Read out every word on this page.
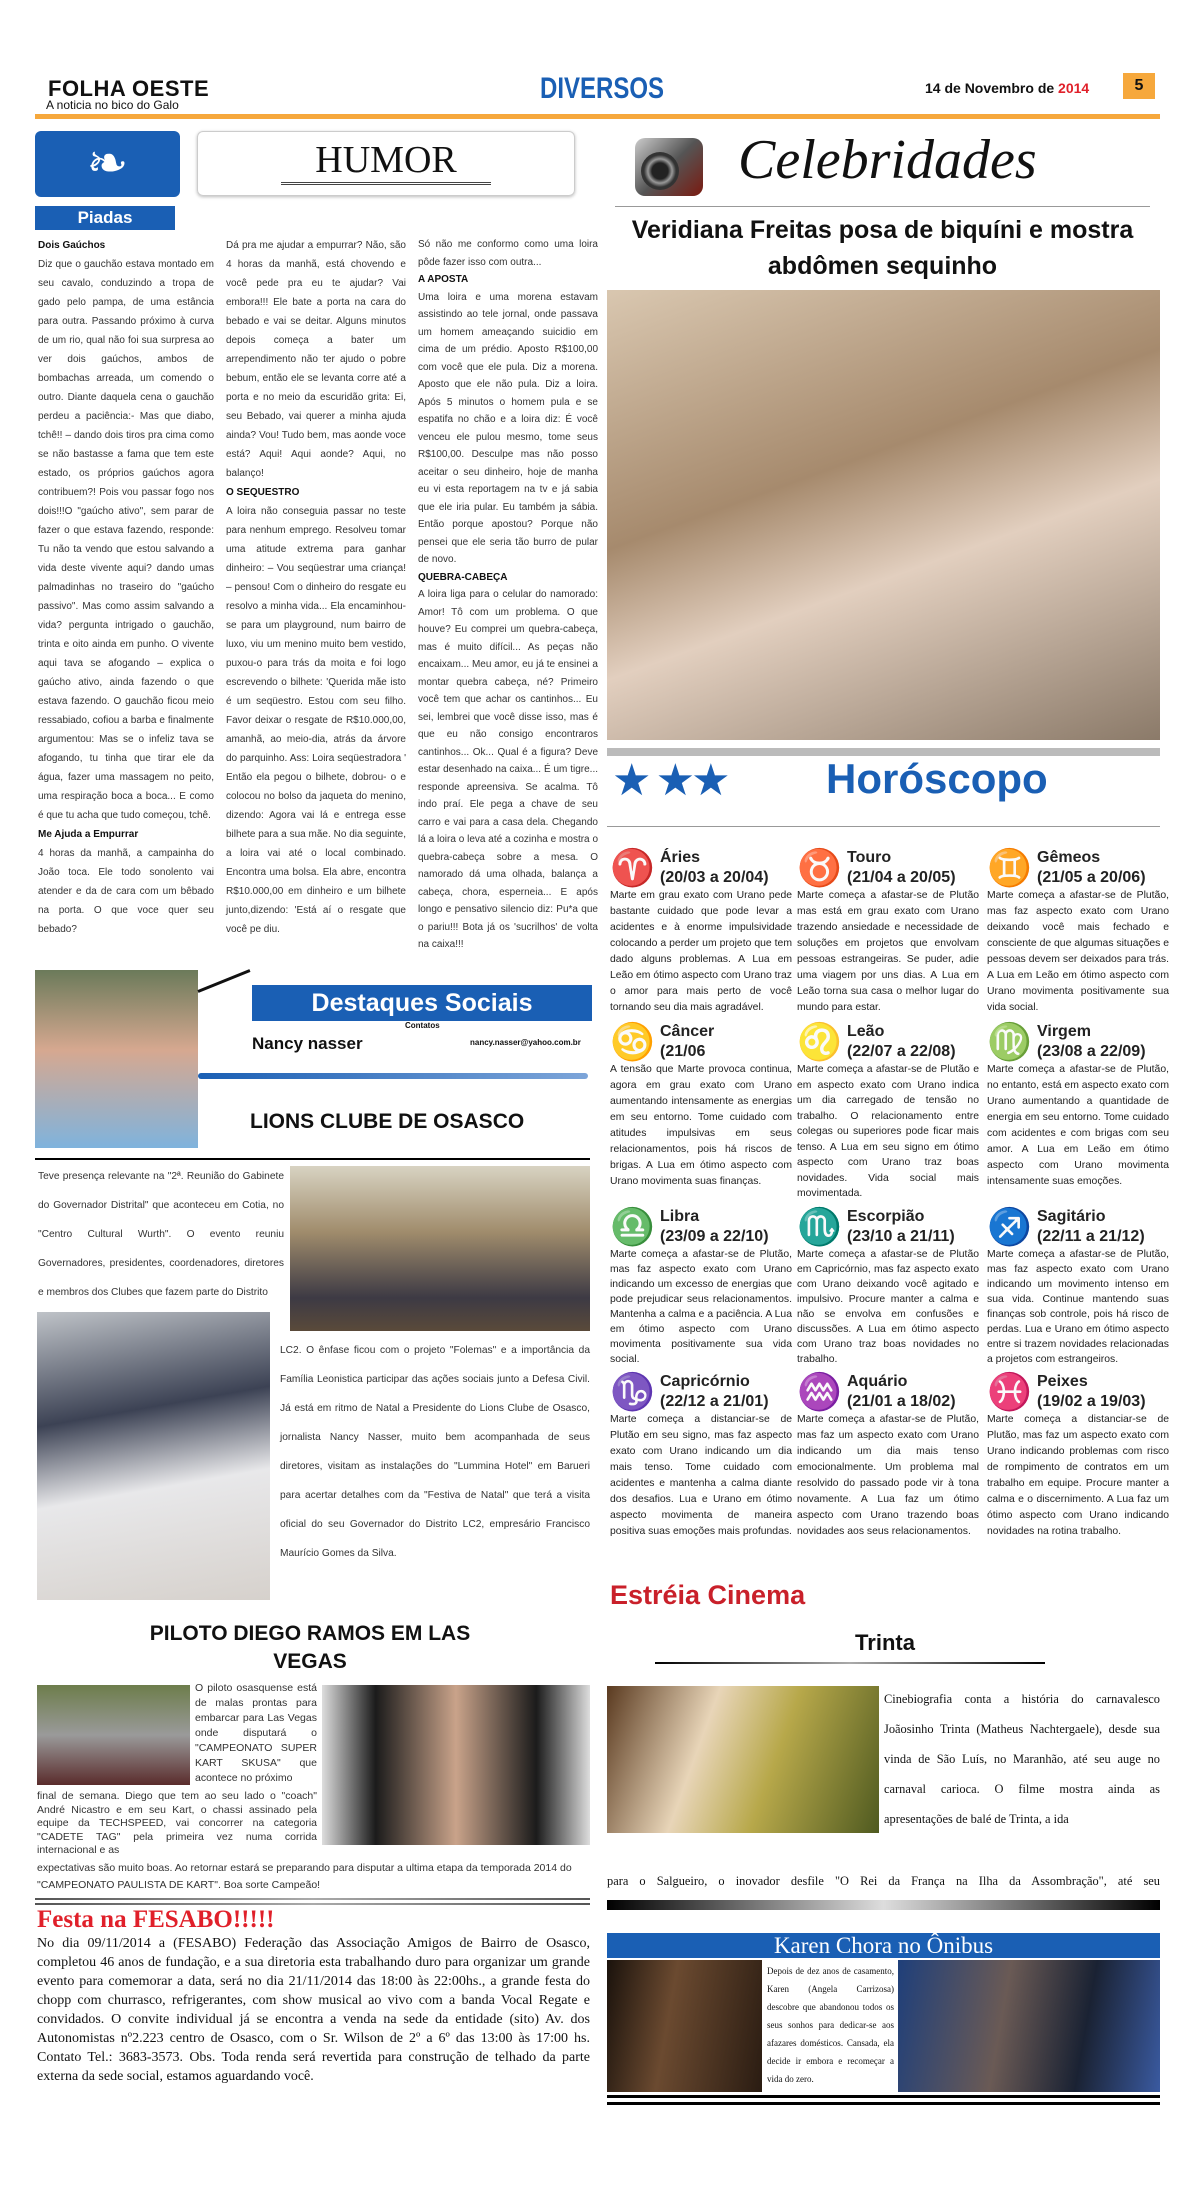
FOLHA OESTE
A noticia no bico do Galo	DIVERSOS	14 de Novembro de 2014	5
❧
Piadas
HUMOR
Dois Gaúchos

Diz que o gauchão estava montado em seu cavalo, conduzindo a tropa de gado pelo pampa, de uma estância para outra. Passando próximo à curva de um rio, qual não foi sua surpresa ao ver dois gaúchos, ambos de bombachas arreada, um comendo o outro. Diante daquela cena o gauchão perdeu a paciência:- Mas que diabo, tchê!! – dando dois tiros pra cima como se não bastasse a fama que tem este estado, os próprios gaúchos agora contribuem?! Pois vou passar fogo nos dois!!!O "gaúcho ativo", sem parar de fazer o que estava fazendo, responde: Tu não ta vendo que estou salvando a vida deste vivente aqui? dando umas palmadinhas no traseiro do "gaúcho passivo". Mas como assim salvando a vida? pergunta intrigado o gauchão, trinta e oito ainda em punho. O vivente aqui tava se afogando – explica o gaúcho ativo, ainda fazendo o que estava fazendo. O gauchão ficou meio ressabiado, cofiou a barba e finalmente argumentou: Mas se o infeliz tava se afogando, tu tinha que tirar ele da água, fazer uma massagem no peito, uma respiração boca a boca... E como é que tu acha que tudo começou, tchê.

Me Ajuda a Empurrar

4 horas da manhã, a campainha do João toca. Ele todo sonolento vai atender e da de cara com um bêbado na porta. O que voce quer seu bebado?

Dá pra me ajudar a empurrar? Não, são 4 horas da manhã, está chovendo e você pede pra eu te ajudar? Vai embora!!! Ele bate a porta na cara do bebado e vai se deitar. Alguns minutos depois começa a bater um arrependimento não ter ajudo o pobre bebum, então ele se levanta corre até a porta e no meio da escuridão grita: Ei, seu Bebado, vai querer a minha ajuda ainda? Vou! Tudo bem, mas aonde voce está? Aqui! Aqui aonde? Aqui, no balanço!

O SEQUESTRO

A loira não conseguia passar no teste para nenhum emprego. Resolveu tomar uma atitude extrema para ganhar dinheiro: – Vou seqüestrar uma criança! – pensou! Com o dinheiro do resgate eu resolvo a minha vida... Ela encaminhou-se para um playground, num bairro de luxo, viu um menino muito bem vestido, puxou-o para trás da moita e foi logo escrevendo o bilhete: 'Querida mãe isto é um seqüestro. Estou com seu filho. Favor deixar o resgate de R$10.000,00, amanhã, ao meio-dia, atrás da árvore do parquinho. Ass: Loira seqüestradora ' Então ela pegou o bilhete, dobrou- o e colocou no bolso da jaqueta do menino, dizendo: Agora vai lá e entrega esse bilhete para a sua mãe. No dia seguinte, a loira vai até o local combinado. Encontra uma bolsa. Ela abre, encontra R$10.000,00 em dinheiro e um bilhete junto,dizendo: 'Está aí o resgate que você pe diu.

Só não me conformo como uma loira pôde fazer isso com outra...

A APOSTA

Uma loira e uma morena estavam assistindo ao tele jornal, onde passava um homem ameaçando suicidio em cima de um prédio. Aposto R$100,00 com você que ele pula. Diz a morena. Aposto que ele não pula. Diz a loira. Após 5 minutos o homem pula e se espatifa no chão e a loira diz: É você venceu ele pulou mesmo, tome seus R$100,00. Desculpe mas não posso aceitar o seu dinheiro, hoje de manha eu vi esta reportagem na tv e já sabia que ele iria pular. Eu também ja sábia. Então porque apostou? Porque não pensei que ele seria tão burro de pular de novo.

QUEBRA-CABEÇA

A loira liga para o celular do namorado: Amor! Tô com um problema. O que houve? Eu comprei um quebra-cabeça, mas é muito difícil... As peças não encaixam... Meu amor, eu já te ensinei a montar quebra cabeça, né? Primeiro você tem que achar os cantinhos... Eu sei, lembrei que você disse isso, mas é que eu não consigo encontraros cantinhos... Ok... Qual é a figura? Deve estar desenhado na caixa... É um tigre... responde apreensiva. Se acalma. Tô indo praí. Ele pega a chave de seu carro e vai para a casa dela. Chegando lá a loira o leva até a cozinha e mostra o quebra-cabeça sobre a mesa. O namorado dá uma olhada, balança a cabeça, chora, esperneia... E após longo e pensativo silencio diz: Pu*a que o pariu!!! Bota já os 'sucrilhos' de volta na caixa!!!

Celebridades
Veridiana Freitas posa de biquíni e mostra abdômen sequinho
★ ★★ Horóscopo
♈ Áries
(20/03 a 20/04)

Marte em grau exato com Urano pede bastante cuidado que pode levar a acidentes e à enorme impulsividade colocando a perder um projeto que tem dado alguns problemas. A Lua em Leão em ótimo aspecto com Urano traz o amor para mais perto de você tornando seu dia mais agradável.

♉ Touro
(21/04 a 20/05)

Marte começa a afastar-se de Plutão mas está em grau exato com Urano trazendo ansiedade e necessidade de soluções em projetos que envolvam pessoas estrangeiras. Se puder, adie uma viagem por uns dias. A Lua em Leão torna sua casa o melhor lugar do mundo para estar.

♊ Gêmeos
(21/05 a 20/06)

Marte começa a afastar-se de Plutão, mas faz aspecto exato com Urano deixando você mais fechado e consciente de que algumas situações e pessoas devem ser deixados para trás. A Lua em Leão em ótimo aspecto com Urano movimenta positivamente sua vida social.

♋ Câncer
(21/06

A tensão que Marte provoca continua, agora em grau exato com Urano aumentando intensamente as energias em seu entorno. Tome cuidado com atitudes impulsivas em seus relacionamentos, pois há riscos de brigas. A Lua em ótimo aspecto com Urano movimenta suas finanças.

♌ Leão
(22/07 a 22/08)

Marte começa a afastar-se de Plutão e em aspecto exato com Urano indica um dia carregado de tensão no trabalho. O relacionamento entre colegas ou superiores pode ficar mais tenso. A Lua em seu signo em ótimo aspecto com Urano traz boas novidades. Vida social mais movimentada.

♍ Virgem
(23/08 a 22/09)

Marte começa a afastar-se de Plutão, no entanto, está em aspecto exato com Urano aumentando a quantidade de energia em seu entorno. Tome cuidado com acidentes e com brigas com seu amor. A Lua em Leão em ótimo aspecto com Urano movimenta intensamente suas emoções.

♎ Libra
(23/09 a 22/10)

Marte começa a afastar-se de Plutão, mas faz aspecto exato com Urano indicando um excesso de energias que pode prejudicar seus relacionamentos. Mantenha a calma e a paciência. A Lua em ótimo aspecto com Urano movimenta positivamente sua vida social.

♏ Escorpião
(23/10 a 21/11)

Marte começa a afastar-se de Plutão em Capricórnio, mas faz aspecto exato com Urano deixando você agitado e impulsivo. Procure manter a calma e não se envolva em confusões e discussões. A Lua em ótimo aspecto com Urano traz boas novidades no trabalho.

♐ Sagitário
(22/11 a 21/12)

Marte começa a afastar-se de Plutão, mas faz aspecto exato com Urano indicando um movimento intenso em sua vida. Continue mantendo suas finanças sob controle, pois há risco de perdas. Lua e Urano em ótimo aspecto entre si trazem novidades relacionadas a projetos com estrangeiros.

♑ Capricórnio
(22/12 a 21/01)

Marte começa a distanciar-se de Plutão em seu signo, mas faz aspecto exato com Urano indicando um dia mais tenso. Tome cuidado com acidentes e mantenha a calma diante dos desafios. Lua e Urano em ótimo aspecto movimenta de maneira positiva suas emoções mais profundas.

♒ Aquário
(21/01 a 18/02)

Marte começa a afastar-se de Plutão, mas faz um aspecto exato com Urano indicando um dia mais tenso emocionalmente. Um problema mal resolvido do passado pode vir à tona novamente. A Lua faz um ótimo aspecto com Urano trazendo boas novidades aos seus relacionamentos.

♓ Peixes
(19/02 a 19/03)

Marte começa a distanciar-se de Plutão, mas faz um aspecto exato com Urano indicando problemas com risco de rompimento de contratos em um trabalho em equipe. Procure manter a calma e o discernimento. A Lua faz um ótimo aspecto com Urano indicando novidades na rotina trabalho.

Destaques Sociais
Contatos
Nancy nasser	nancy.nasser@yahoo.com.br
LIONS CLUBE DE OSASCO
Teve presença relevante na "2ª. Reunião do Gabinete do Governador Distrital" que aconteceu em Cotia, no "Centro Cultural Wurth". O evento reuniu Governadores, presidentes, coordenadores, diretores e membros dos Clubes que fazem parte do Distrito
LC2. O ênfase ficou com o projeto "Folemas" e a importância da Família Leonistica participar das ações sociais junto a Defesa Civil. Já está em ritmo de Natal a Presidente do Lions Clube de Osasco, jornalista Nancy Nasser, muito bem acompanhada de seus diretores, visitam as instalações do "Lummina Hotel" em Barueri para acertar detalhes com da "Festiva de Natal" que terá a visita oficial do seu Governador do Distrito LC2, empresário Francisco Maurício Gomes da Silva.
PILOTO DIEGO RAMOS EM LAS VEGAS
O piloto osasquense está de malas prontas para embarcar para Las Vegas onde disputará o "CAMPEONATO SUPER KART SKUSA" que acontece no próximo
final de semana. Diego que tem ao seu lado o "coach" André Nicastro e em seu Kart, o chassi assinado pela equipe da TECHSPEED, vai concorrer na categoria "CADETE TAG" pela primeira vez numa corrida internacional e as
expectativas são muito boas. Ao retornar estará se preparando para disputar a ultima etapa da temporada 2014 do "CAMPEONATO PAULISTA DE KART". Boa sorte Campeão!
Festa na FESABO!!!!!
No dia 09/11/2014 a (FESABO) Federação das Associação Amigos de Bairro de Osasco, completou 46 anos de fundação, e a sua diretoria esta trabalhando duro para organizar um grande evento para comemorar a data, será no dia 21/11/2014 das 18:00 às 22:00hs., a grande festa do chopp com churrasco, refrigerantes, com show musical ao vivo com a banda Vocal Regate e convidados. O convite individual já se encontra a venda na sede da entidade (sito) Av. dos Autonomistas nº2.223 centro de Osasco, com o Sr. Wilson de 2º a 6º das 13:00 às 17:00 hs. Contato Tel.: 3683-3573. Obs. Toda renda será revertida para construção de telhado da parte externa da sede social, estamos aguardando você.
Estréia Cinema
Trinta
Cinebiografia conta a história do carnavalesco Joãosinho Trinta (Matheus Nachtergaele), desde sua vinda de São Luís, no Maranhão, até seu auge no carnaval carioca. O filme mostra ainda as apresentações de balé de Trinta, a ida
para o Salgueiro, o inovador desfile "O Rei da França na Ilha da Assombração", até seu
Karen Chora no Ônibus
Depois de dez anos de casamento, Karen (Angela Carrizosa) descobre que abandonou todos os seus sonhos para dedicar-se aos afazares domésticos. Cansada, ela decide ir embora e recomeçar a vida do zero.
